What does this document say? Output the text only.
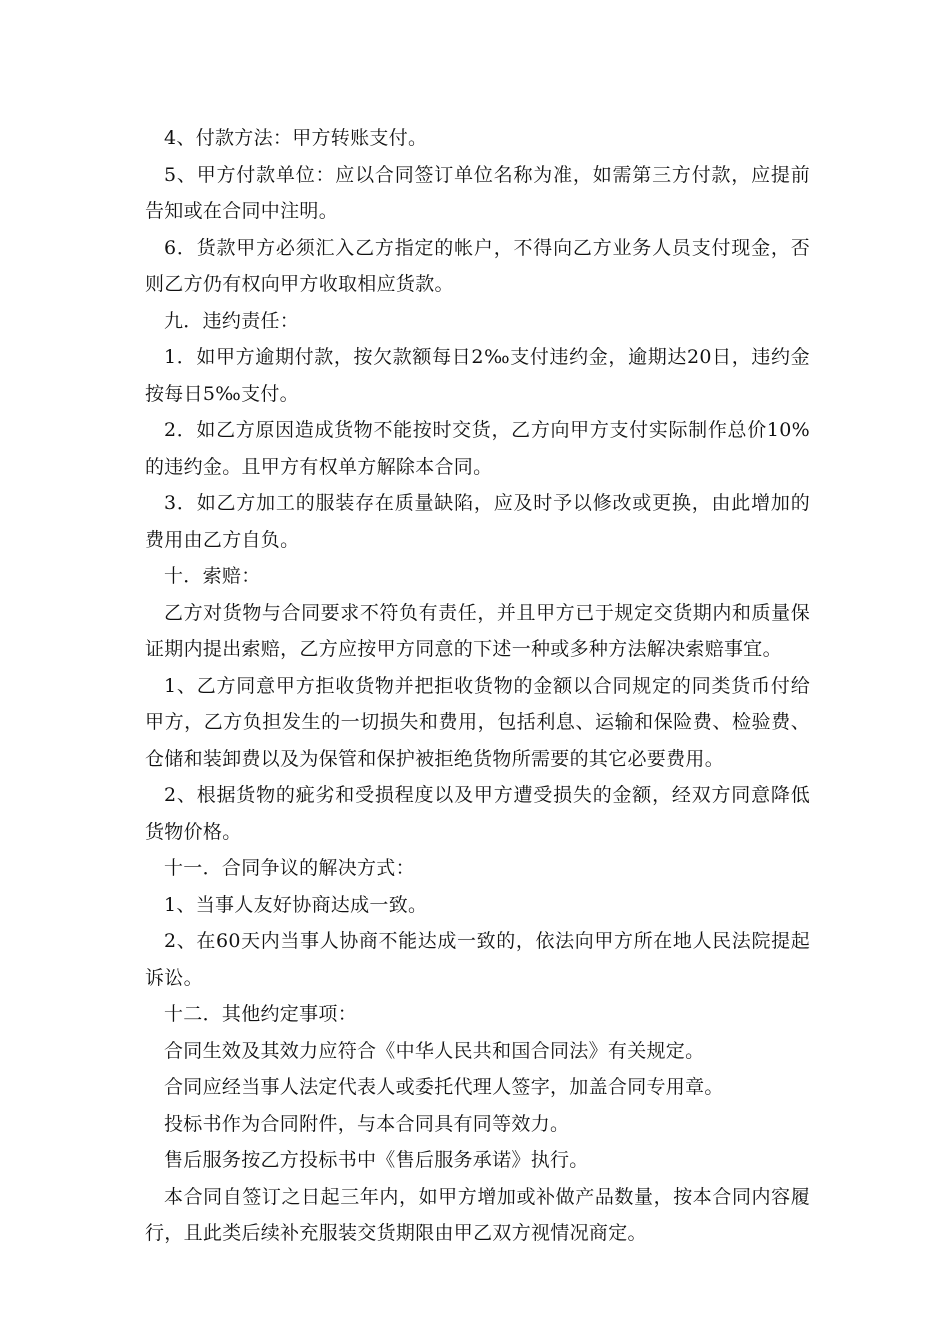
4、付款方法：甲方转账支付。

5、甲方付款单位：应以合同签订单位名称为准，如需第三方付款，应提前告知或在合同中注明。

6．货款甲方必须汇入乙方指定的帐户，不得向乙方业务人员支付现金，否则乙方仍有权向甲方收取相应货款。

九．违约责任：

1．如甲方逾期付款，按欠款额每日2‰支付违约金，逾期达20日，违约金按每日5‰支付。

2．如乙方原因造成货物不能按时交货，乙方向甲方支付实际制作总价10%的违约金。且甲方有权单方解除本合同。

3．如乙方加工的服装存在质量缺陷，应及时予以修改或更换，由此增加的费用由乙方自负。

十．索赔：

乙方对货物与合同要求不符负有责任，并且甲方已于规定交货期内和质量保证期内提出索赔，乙方应按甲方同意的下述一种或多种方法解决索赔事宜。

1、乙方同意甲方拒收货物并把拒收货物的金额以合同规定的同类货币付给甲方，乙方负担发生的一切损失和费用，包括利息、运输和保险费、检验费、仓储和装卸费以及为保管和保护被拒绝货物所需要的其它必要费用。

2、根据货物的疵劣和受损程度以及甲方遭受损失的金额，经双方同意降低货物价格。

十一．合同争议的解决方式：

1、当事人友好协商达成一致。

2、在60天内当事人协商不能达成一致的，依法向甲方所在地人民法院提起诉讼。

十二．其他约定事项：

合同生效及其效力应符合《中华人民共和国合同法》有关规定。

合同应经当事人法定代表人或委托代理人签字，加盖合同专用章。

投标书作为合同附件，与本合同具有同等效力。

售后服务按乙方投标书中《售后服务承诺》执行。

本合同自签订之日起三年内，如甲方增加或补做产品数量，按本合同内容履行，且此类后续补充服装交货期限由甲乙双方视情况商定。
